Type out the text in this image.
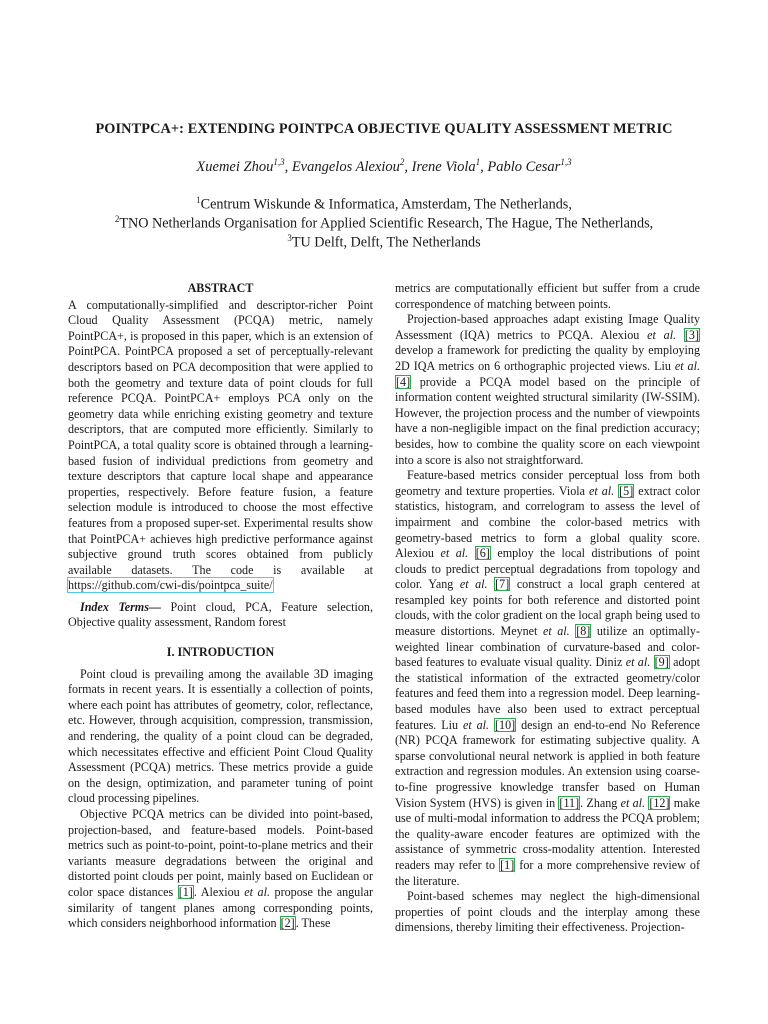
POINTPCA+: EXTENDING POINTPCA OBJECTIVE QUALITY ASSESSMENT METRIC
Xuemei Zhou$^{1,3}$, Evangelos Alexiou$^2$, Irene Viola$^1$, Pablo Cesar$^{1,3}$
$^1$Centrum Wiskunde & Informatica, Amsterdam, The Netherlands,
$^2$TNO Netherlands Organisation for Applied Scientific Research, The Hague, The Netherlands,
$^3$TU Delft, Delft, The Netherlands
ABSTRACT

A computationally-simplified and descriptor-richer Point Cloud Quality Assessment (PCQA) metric, namely PointPCA+, is proposed in this paper, which is an extension of PointPCA. PointPCA proposed a set of perceptually-relevant descriptors based on PCA decomposition that were applied to both the geometry and texture data of point clouds for full reference PCQA. PointPCA+ employs PCA only on the geometry data while enriching existing geometry and texture descriptors, that are computed more efficiently. Similarly to PointPCA, a total quality score is obtained through a learning-based fusion of individual predictions from geometry and texture descriptors that capture local shape and appearance properties, respectively. Before feature fusion, a feature selection module is introduced to choose the most effective features from a proposed super-set. Experimental results show that PointPCA+ achieves high predictive performance against subjective ground truth scores obtained from publicly available datasets. The code is available at https://github.com/cwi-dis/pointpca_suite/

Index Terms— Point cloud, PCA, Feature selection, Objective quality assessment, Random forest

I. INTRODUCTION

Point cloud is prevailing among the available 3D imaging formats in recent years. It is essentially a collection of points, where each point has attributes of geometry, color, reflectance, etc. However, through acquisition, compression, transmission, and rendering, the quality of a point cloud can be degraded, which necessitates effective and efficient Point Cloud Quality Assessment (PCQA) metrics. These metrics provide a guide on the design, optimization, and parameter tuning of point cloud processing pipelines.

Objective PCQA metrics can be divided into point-based, projection-based, and feature-based models. Point-based metrics such as point-to-point, point-to-plane metrics and their variants measure degradations between the original and distorted point clouds per point, mainly based on Euclidean or color space distances [1]. Alexiou et al. propose the angular similarity of tangent planes among corresponding points, which considers neighborhood information [2]. These

metrics are computationally efficient but suffer from a crude correspondence of matching between points.

Projection-based approaches adapt existing Image Quality Assessment (IQA) metrics to PCQA. Alexiou et al. [3] develop a framework for predicting the quality by employing 2D IQA metrics on 6 orthographic projected views. Liu et al. [4] provide a PCQA model based on the principle of information content weighted structural similarity (IW-SSIM). However, the projection process and the number of viewpoints have a non-negligible impact on the final prediction accuracy; besides, how to combine the quality score on each viewpoint into a score is also not straightforward.

Feature-based metrics consider perceptual loss from both geometry and texture properties. Viola et al. [5] extract color statistics, histogram, and correlogram to assess the level of impairment and combine the color-based metrics with geometry-based metrics to form a global quality score. Alexiou et al. [6] employ the local distributions of point clouds to predict perceptual degradations from topology and color. Yang et al. [7] construct a local graph centered at resampled key points for both reference and distorted point clouds, with the color gradient on the local graph being used to measure distortions. Meynet et al. [8] utilize an optimally-weighted linear combination of curvature-based and color-based features to evaluate visual quality. Diniz et al. [9] adopt the statistical information of the extracted geometry/color features and feed them into a regression model. Deep learning-based modules have also been used to extract perceptual features. Liu et al. [10] design an end-to-end No Reference (NR) PCQA framework for estimating subjective quality. A sparse convolutional neural network is applied in both feature extraction and regression modules. An extension using coarse-to-fine progressive knowledge transfer based on Human Vision System (HVS) is given in [11]. Zhang et al. [12] make use of multi-modal information to address the PCQA problem; the quality-aware encoder features are optimized with the assistance of symmetric cross-modality attention. Interested readers may refer to [1] for a more comprehensive review of the literature.

Point-based schemes may neglect the high-dimensional properties of point clouds and the interplay among these dimensions, thereby limiting their effectiveness. Projection-
